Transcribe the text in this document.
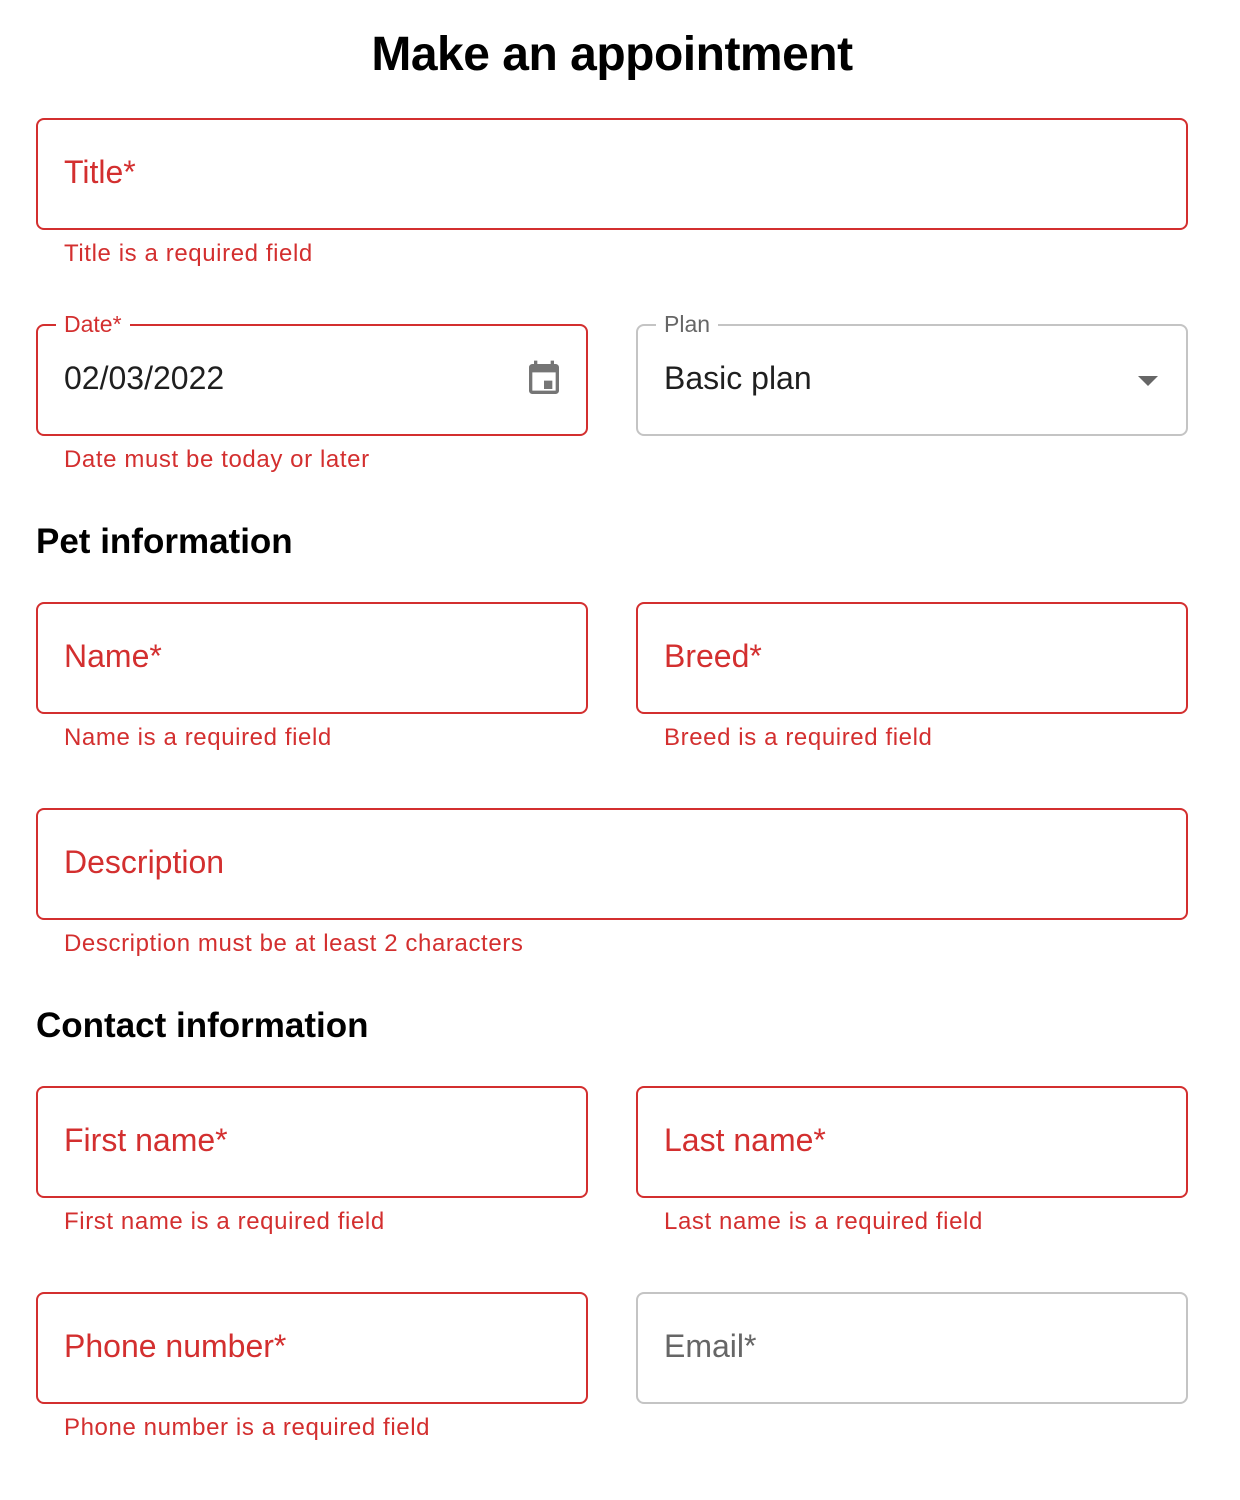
Make an appointment
Title*
Title is a required field
Date*
02/03/2022
Date must be today or later
Plan
Basic plan
Pet information
Name*
Name is a required field
Breed*
Breed is a required field
Description
Description must be at least 2 characters
Contact information
First name*
First name is a required field
Last name*
Last name is a required field
Phone number*
Phone number is a required field
Email*
